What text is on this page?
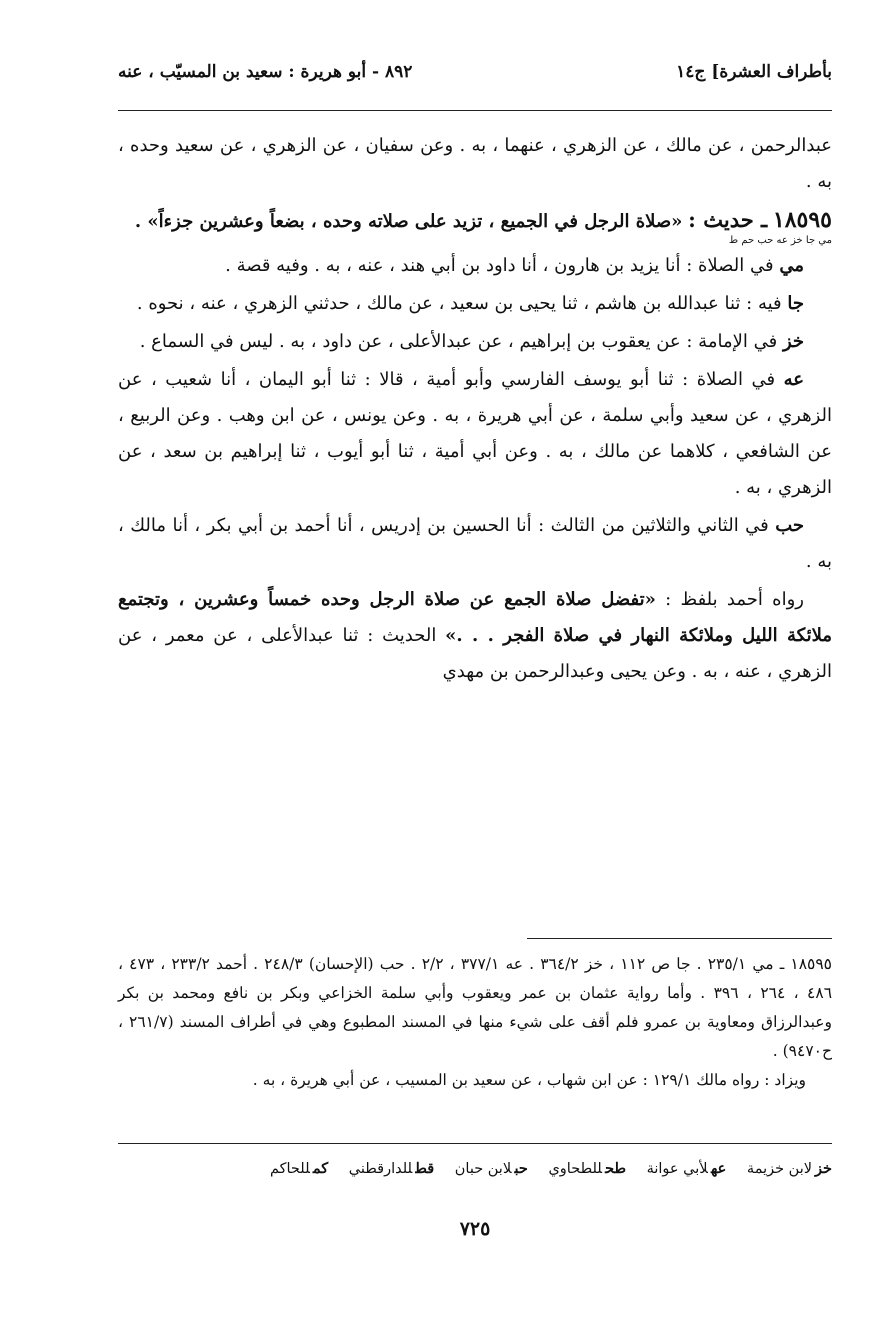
بأطراف العشرة] ج١٤
٨٩٢ - أبو هريرة : سعيد بن المسيّب ، عنه

عبدالرحمن ، عن مالك ، عن الزهري ، عنهما ، به . وعن سفيان ، عن الزهري ، عن سعيد وحده ، به .

١٨٥٩٥ ـ حديث : «صلاة الرجل في الجميع ، تزيد على صلاته وحده ، بضعاً وعشرين جزءاً» .

مي جا خز عه حب حم ط

مي في الصلاة : أنا يزيد بن هارون ، أنا داود بن أبي هند ، عنه ، به . وفيه قصة .

جا فيه : ثنا عبدالله بن هاشم ، ثنا يحيى بن سعيد ، عن مالك ، حدثني الزهري ، عنه ، نحوه .

خز في الإمامة : عن يعقوب بن إبراهيم ، عن عبدالأعلى ، عن داود ، به . ليس في السماع .

عه في الصلاة : ثنا أبو يوسف الفارسي وأبو أمية ، قالا : ثنا أبو اليمان ، أنا شعيب ، عن الزهري ، عن سعيد وأبي سلمة ، عن أبي هريرة ، به . وعن يونس ، عن ابن وهب . وعن الربيع ، عن الشافعي ، كلاهما عن مالك ، به . وعن أبي أمية ، ثنا أبو أيوب ، ثنا إبراهيم بن سعد ، عن الزهري ، به .

حب في الثاني والثلاثين من الثالث : أنا الحسين بن إدريس ، أنا أحمد بن أبي بكر ، أنا مالك ، به .

رواه أحمد بلفظ : «تفضل صلاة الجمع عن صلاة الرجل وحده خمساً وعشرين ، وتجتمع ملائكة الليل وملائكة النهار في صلاة الفجر . . .» الحديث : ثنا عبدالأعلى ، عن معمر ، عن الزهري ، عنه ، به . وعن يحيى وعبدالرحمن بن مهدي

١٨٥٩٥ ـ مي ٢٣٥/١ . جا ص ١١٢ ، خز ٣٦٤/٢ . عه ٣٧٧/١ ، ٢/٢ . حب (الإحسان) ٢٤٨/٣ . أحمد ٢٣٣/٢ ، ٤٧٣ ، ٤٨٦ ، ٢٦٤ ، ٣٩٦ . وأما رواية عثمان بن عمر ويعقوب وأبي سلمة الخزاعي وبكر بن نافع ومحمد بن بكر وعبدالرزاق ومعاوية بن عمرو فلم أقف على شيء منها في المسند المطبوع وهي في أطراف المسند (٢٦١/٧ ، ح٩٤٧٠) .

ويزاد : رواه مالك ١٢٩/١ : عن ابن شهاب ، عن سعيد بن المسيب ، عن أبي هريرة ، به .

خزلابن خزيمة عهلأبي عوانة طحللطحاوي حبلابن حبان قطللدارقطني كمللحاكم
٧٢٥
